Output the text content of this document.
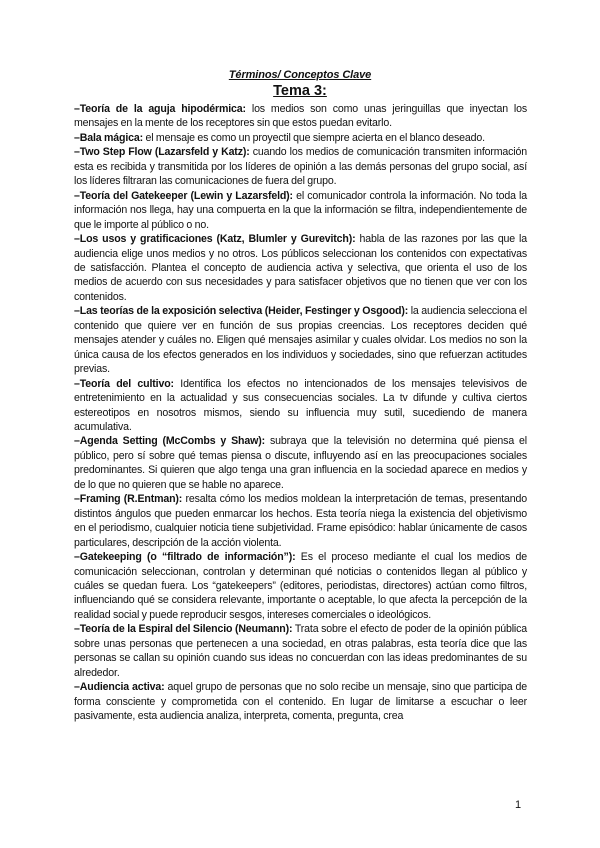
Términos/ Conceptos Clave
Tema 3:

–Teoría de la aguja hipodérmica: los medios son como unas jeringuillas que inyectan los mensajes en la mente de los receptores sin que estos puedan evitarlo.

–Bala mágica: el mensaje es como un proyectil que siempre acierta en el blanco deseado.

–Two Step Flow (Lazarsfeld y Katz): cuando los medios de comunicación transmiten información esta es recibida y transmitida por los líderes de opinión a las demás personas del grupo social, así los líderes filtraran las comunicaciones de fuera del grupo.

–Teoría del Gatekeeper (Lewin y Lazarsfeld): el comunicador controla la información. No toda la información nos llega, hay una compuerta en la que la información se filtra, independientemente de que le importe al público o no.

–Los usos y gratificaciones (Katz, Blumler y Gurevitch): habla de las razones por las que la audiencia elige unos medios y no otros. Los públicos seleccionan los contenidos con expectativas de satisfacción. Plantea el concepto de audiencia activa y selectiva, que orienta el uso de los medios de acuerdo con sus necesidades y para satisfacer objetivos que no tienen que ver con los contenidos.

–Las teorías de la exposición selectiva (Heider, Festinger y Osgood): la audiencia selecciona el contenido que quiere ver en función de sus propias creencias. Los receptores deciden qué mensajes atender y cuáles no. Eligen qué mensajes asimilar y cuales olvidar. Los medios no son la única causa de los efectos generados en los individuos y sociedades, sino que refuerzan actitudes previas.

–Teoría del cultivo: Identifica los efectos no intencionados de los mensajes televisivos de entretenimiento en la actualidad y sus consecuencias sociales. La tv difunde y cultiva ciertos estereotipos en nosotros mismos, siendo su influencia muy sutil, sucediendo de manera acumulativa.

–Agenda Setting (McCombs y Shaw): subraya que la televisión no determina qué piensa el público, pero sí sobre qué temas piensa o discute, influyendo así en las preocupaciones sociales predominantes. Si quieren que algo tenga una gran influencia en la sociedad aparece en medios y de lo que no quieren que se hable no aparece.

–Framing (R.Entman): resalta cómo los medios moldean la interpretación de temas, presentando distintos ángulos que pueden enmarcar los hechos. Esta teoría niega la existencia del objetivismo en el periodismo, cualquier noticia tiene subjetividad. Frame episódico: hablar únicamente de casos particulares, descripción de la acción violenta.

–Gatekeeping (o “filtrado de información”): Es el proceso mediante el cual los medios de comunicación seleccionan, controlan y determinan qué noticias o contenidos llegan al público y cuáles se quedan fuera. Los “gatekeepers” (editores, periodistas, directores) actúan como filtros, influenciando qué se considera relevante, importante o aceptable, lo que afecta la percepción de la realidad social y puede reproducir sesgos, intereses comerciales o ideológicos.

–Teoría de la Espiral del Silencio (Neumann): Trata sobre el efecto de poder de la opinión pública sobre unas personas que pertenecen a una sociedad, en otras palabras, esta teoría dice que las personas se callan su opinión cuando sus ideas no concuerdan con las ideas predominantes de su alrededor.

–Audiencia activa: aquel grupo de personas que no solo recibe un mensaje, sino que participa de forma consciente y comprometida con el contenido. En lugar de limitarse a escuchar o leer pasivamente, esta audiencia analiza, interpreta, comenta, pregunta, crea

1
